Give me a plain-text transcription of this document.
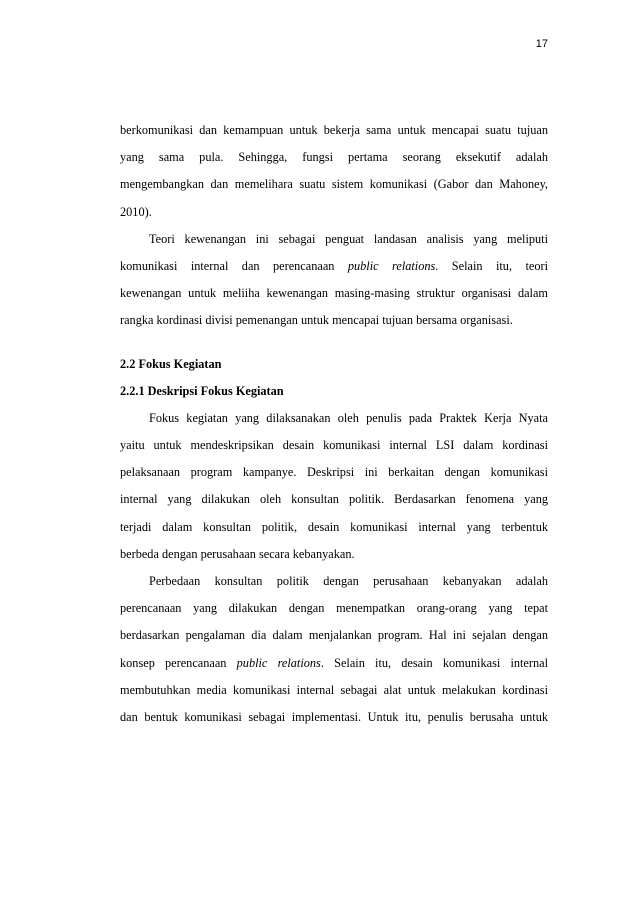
17
berkomunikasi dan kemampuan untuk bekerja sama untuk mencapai suatu tujuan
yang sama pula. Sehingga, fungsi pertama seorang eksekutif adalah
mengembangkan dan memelihara suatu sistem komunikasi (Gabor dan Mahoney,
2010).
Teori kewenangan ini sebagai penguat landasan analisis yang meliputi
komunikasi internal dan perencanaan public relations. Selain itu, teori
kewenangan untuk meliiha kewenangan masing-masing struktur organisasi dalam
rangka kordinasi divisi pemenangan untuk mencapai tujuan bersama organisasi.
2.2 Fokus Kegiatan
2.2.1 Deskripsi Fokus Kegiatan
Fokus kegiatan yang dilaksanakan oleh penulis pada Praktek Kerja Nyata
yaitu untuk mendeskripsikan desain komunikasi internal LSI dalam kordinasi
pelaksanaan program kampanye. Deskripsi ini berkaitan dengan komunikasi
internal yang dilakukan oleh konsultan politik. Berdasarkan fenomena yang
terjadi dalam konsultan politik, desain komunikasi internal yang terbentuk
berbeda dengan perusahaan secara kebanyakan.
Perbedaan konsultan politik dengan perusahaan kebanyakan adalah
perencanaan yang dilakukan dengan menempatkan orang-orang yang tepat
berdasarkan pengalaman dia dalam menjalankan program. Hal ini sejalan dengan
konsep perencanaan public relations. Selain itu, desain komunikasi internal
membutuhkan media komunikasi internal sebagai alat untuk melakukan kordinasi
dan bentuk komunikasi sebagai implementasi. Untuk itu, penulis berusaha untuk
